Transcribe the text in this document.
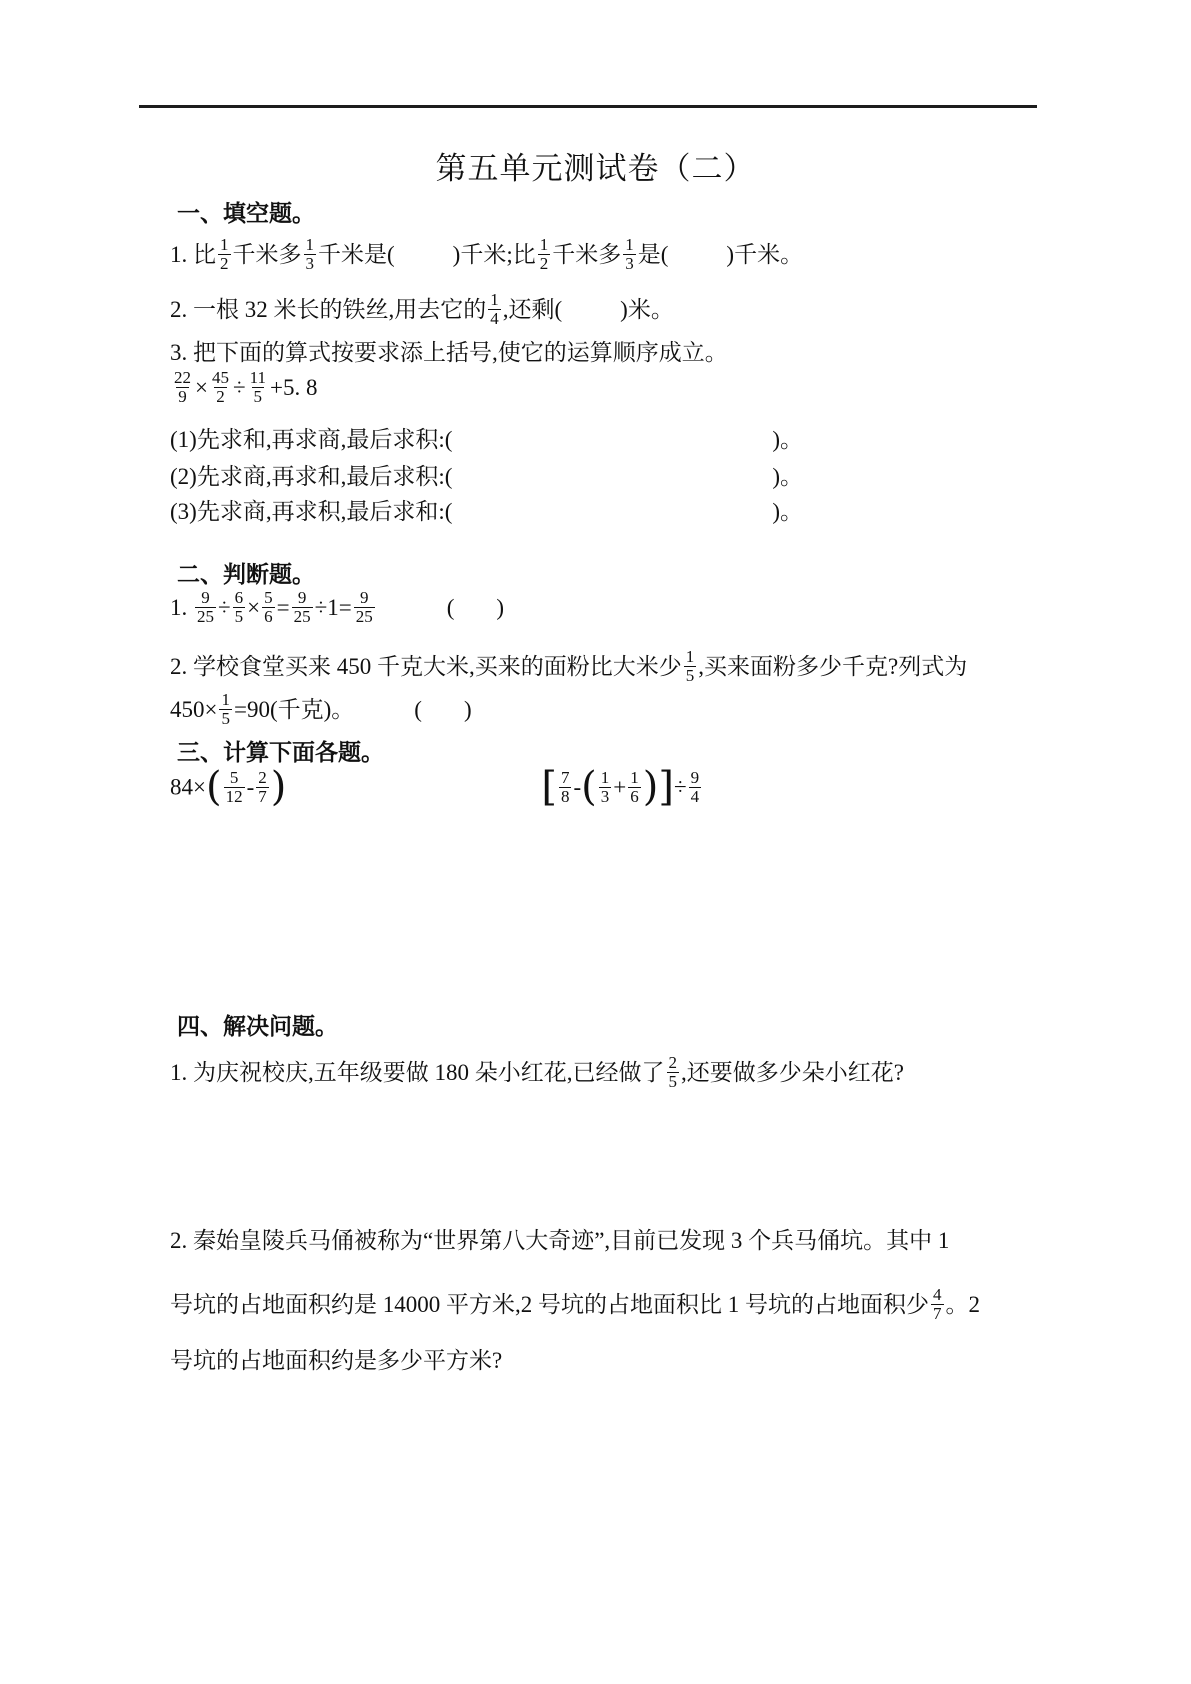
第五单元测试卷（二）
一、填空题。
1. 比 $\frac{1}{2}$ 千米多 $\frac{1}{3}$ 千米是(	)千米;比 $\frac{1}{2}$ 千米多 $\frac{1}{3}$ 是(	)千米。
2. 一根 32 米长的铁丝,用去它的 $\frac{1}{4}$ ,还剩(	)米。
3. 把下面的算式按要求添上括号,使它的运算顺序成立。
$\frac{22}{9} \times \frac{45}{2} \div \frac{11}{5} +5$. 8
(1)先求和,再求商,最后求积:(	)。
(2)先求商,再求和,最后求积:(	)。
(3)先求商,再求积,最后求和:(	)。
二、判断题。
1. $\frac{9}{25} \div \frac{6}{5} \times \frac{5}{6} = \frac{9}{25} \div 1= \frac{9}{25}$	( )
2. 学校食堂买来 450 千克大米,买来的面粉比大米少 $\frac{1}{5}$ ,买来面粉多少千克?列式为
$450\times \frac{1}{5} =90$(千克)。	( )
三、计算下面各题。
$84\times( \frac{5}{12} - \frac{2}{7}$ )	[ $\frac{7}{8}$ -( $\frac{1}{3} + \frac{1}{6}$ )]÷ $\frac{9}{4}$
四、解决问题。
1. 为庆祝校庆,五年级要做 180 朵小红花,已经做了 $\frac{2}{5}$ ,还要做多少朵小红花?
2. 秦始皇陵兵马俑被称为“世界第八大奇迹”,目前已发现 3 个兵马俑坑。其中 1
号坑的占地面积约是 14000 平方米,2 号坑的占地面积比 1 号坑的占地面积少 $\frac{4}{7}$ 。2
号坑的占地面积约是多少平方米?
